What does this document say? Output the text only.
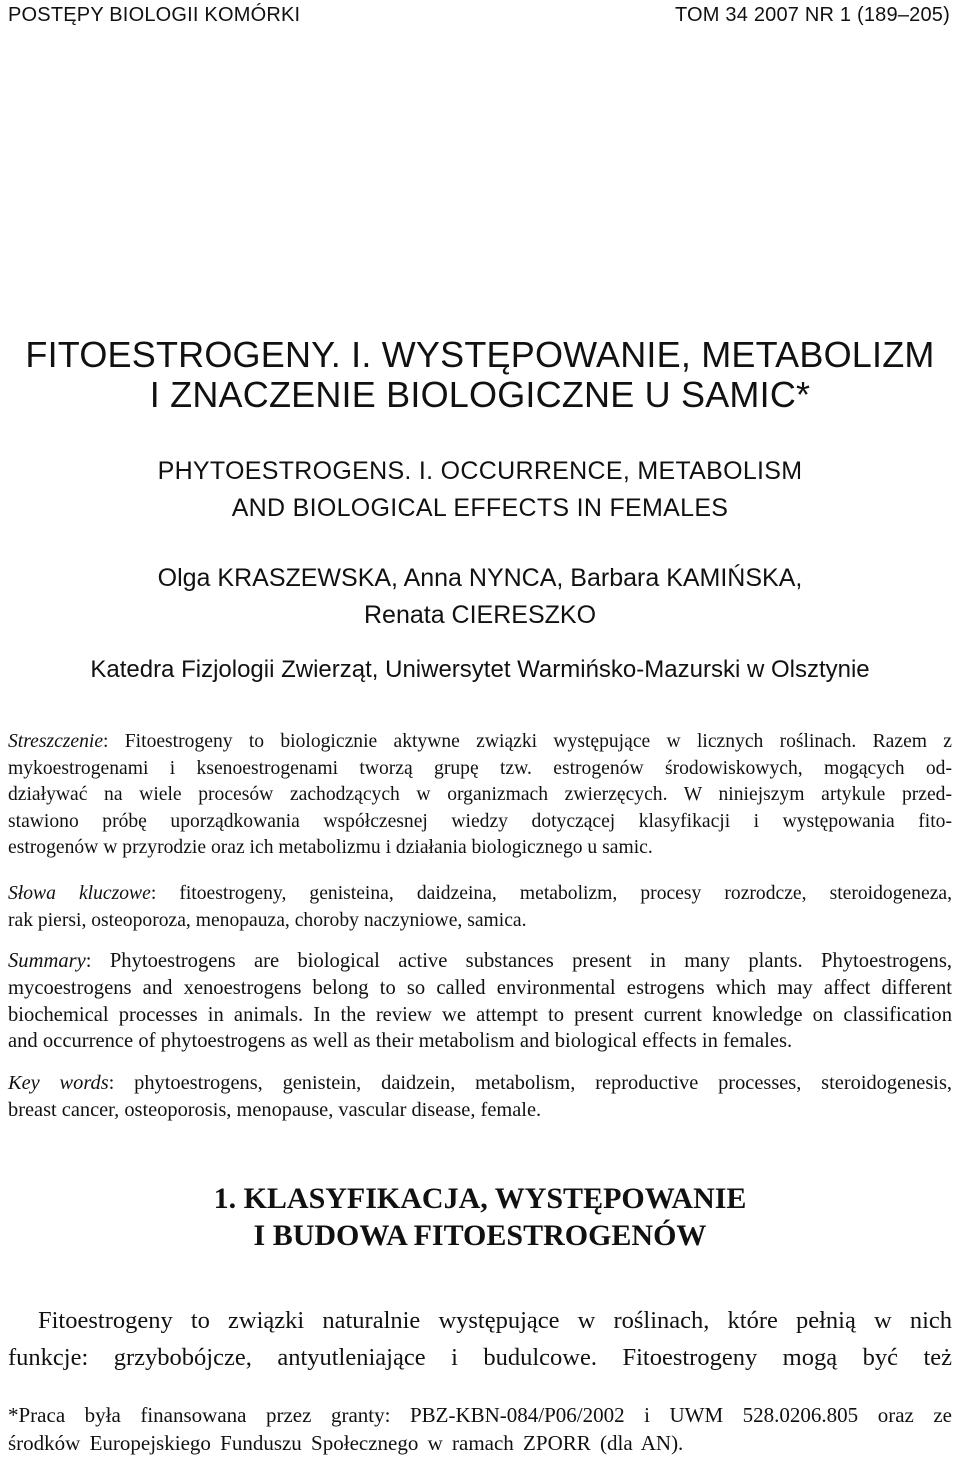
POSTĘPY BIOLOGII KOMÓRKI	TOM 34 2007 NR 1 (189–205)
FITOESTROGENY. I. WYSTĘPOWANIE, METABOLIZM
I ZNACZENIE BIOLOGICZNE U SAMIC*
PHYTOESTROGENS. I. OCCURRENCE, METABOLISM
AND BIOLOGICAL EFFECTS IN FEMALES
Olga KRASZEWSKA, Anna NYNCA, Barbara KAMIŃSKA,
Renata CIERESZKO
Katedra Fizjologii Zwierząt, Uniwersytet Warmińsko-Mazurski w Olsztynie
Streszczenie: Fitoestrogeny to biologicznie aktywne związki występujące w licznych roślinach. Razem z
mykoestrogenami i ksenoestrogenami tworzą grupę tzw. estrogenów środowiskowych, mogących od-
działywać na wiele procesów zachodzących w organizmach zwierzęcych. W niniejszym artykule przed-
stawiono próbę uporządkowania współczesnej wiedzy dotyczącej klasyfikacji i występowania fito-
estrogenów w przyrodzie oraz ich metabolizmu i działania biologicznego u samic.
Słowa kluczowe: fitoestrogeny, genisteina, daidzeina, metabolizm, procesy rozrodcze, steroidogeneza,
rak piersi, osteoporoza, menopauza, choroby naczyniowe, samica.
Summary: Phytoestrogens are biological active substances present in many plants. Phytoestrogens,
mycoestrogens and xenoestrogens belong to so called environmental estrogens which may affect different
biochemical processes in animals. In the review we attempt to present current knowledge on classification
and occurrence of phytoestrogens as well as their metabolism and biological effects in females.
Key words: phytoestrogens, genistein, daidzein, metabolism, reproductive processes, steroidogenesis,
breast cancer, osteoporosis, menopause, vascular disease, female.
1. KLASYFIKACJA, WYSTĘPOWANIE
I BUDOWA FITOESTROGENÓW
Fitoestrogeny to związki naturalnie występujące w roślinach, które pełnią w nich
funkcje: grzybobójcze, antyutleniające i budulcowe. Fitoestrogeny mogą być też
*Praca była finansowana przez granty: PBZ-KBN-084/P06/2002 i UWM 528.0206.805 oraz ze
środków Europejskiego Funduszu Społecznego w ramach ZPORR (dla AN).
